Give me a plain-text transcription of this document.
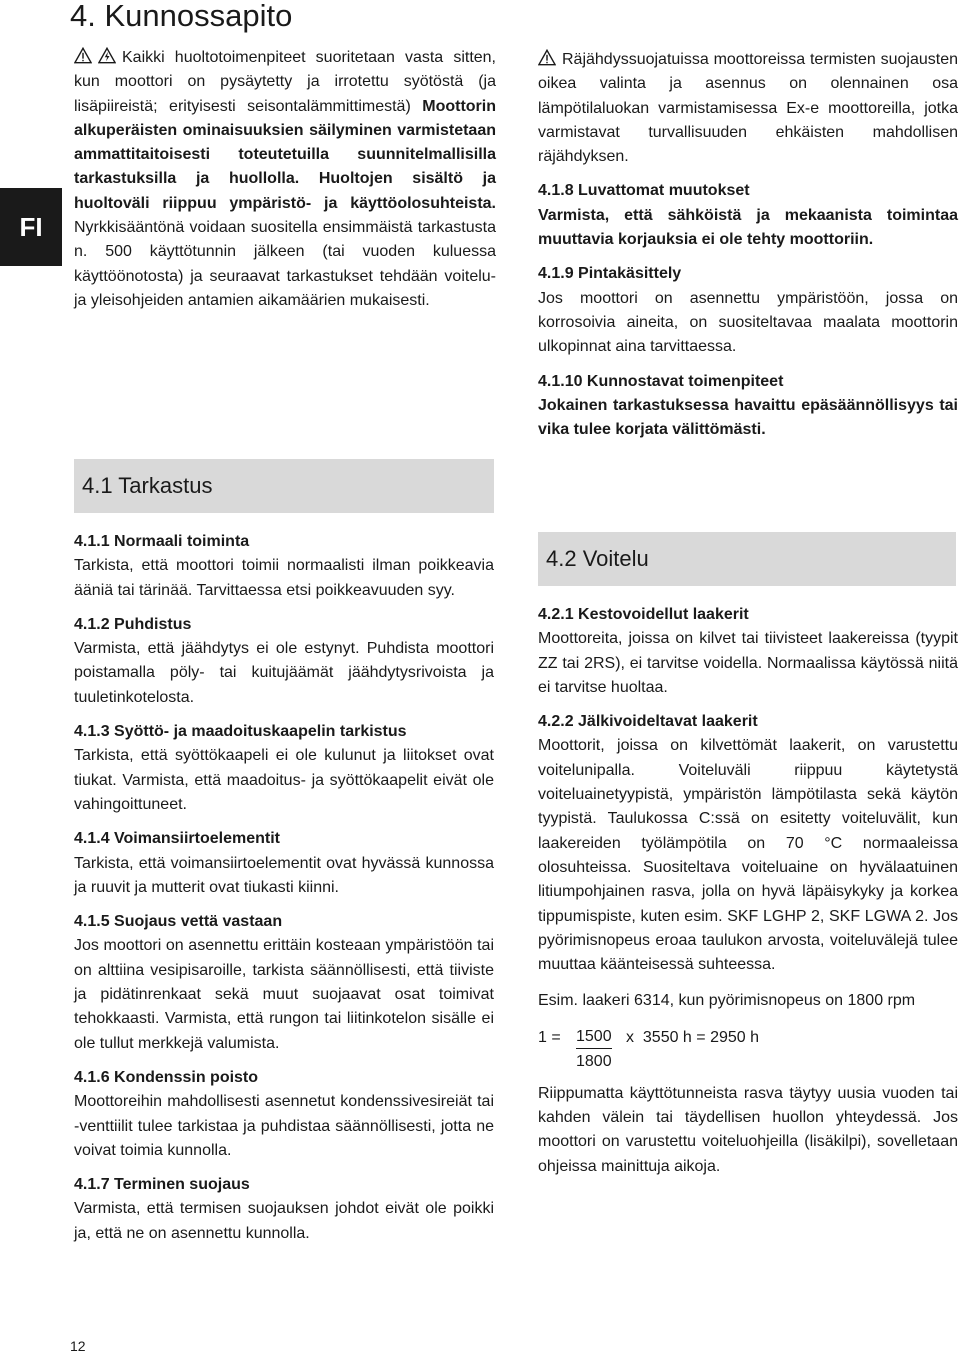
FI
4. Kunnossapito

Kaikki huoltotoimenpiteet suoritetaan vasta sitten, kun moottori on pysäytetty ja irrotettu syötöstä (ja lisäpiireistä; erityisesti seisontalämmittimestä) Moottorin alkuperäisten ominaisuuksien säilyminen varmistetaan ammattitaitoisesti toteutetuilla suunnitelmallisilla tarkastuksilla ja huollolla. Huoltojen sisältö ja huoltoväli riippuu ympäristö- ja käyttöolosuhteista. Nyrkkisääntönä voidaan suositella ensimmäistä tarkastusta n. 500 käyttötunnin jälkeen (tai vuoden kuluessa käyttöönotosta) ja seuraavat tarkastukset tehdään voitelu- ja yleisohjeiden antamien aikamäärien mukaisesti.

Räjähdyssuojatuissa moottoreissa termisten suojausten oikea valinta ja asennus on olennainen osa lämpötilaluokan varmistamisessa Ex-e moottoreilla, jotka varmistavat turvallisuuden ehkäisten mahdollisen räjähdyksen.

4.1.8 Luvattomat muutokset

Varmista, että sähköistä ja mekaanista toimintaa muuttavia korjauksia ei ole tehty moottoriin.

4.1.9 Pintakäsittely

Jos moottori on asennettu ympäristöön, jossa on korrosoivia aineita, on suositeltavaa maalata moottorin ulkopinnat aina tarvittaessa.

4.1.10 Kunnostavat toimenpiteet

Jokainen tarkastuksessa havaittu epäsäännöllisyys tai vika tulee korjata välittömästi.

4.1 Tarkastus

4.1.1 Normaali toiminta

Tarkista, että moottori toimii normaalisti ilman poikkeavia ääniä tai tärinää. Tarvittaessa etsi poikkeavuuden syy.

4.1.2 Puhdistus

Varmista, että jäähdytys ei ole estynyt. Puhdista moottori poistamalla pöly- tai kuitujäämät jäähdytysrivoista ja tuuletinkotelosta.

4.1.3 Syöttö- ja maadoituskaapelin tarkistus

Tarkista, että syöttökaapeli ei ole kulunut ja liitokset ovat tiukat. Varmista, että maadoitus- ja syöttökaapelit eivät ole vahingoittuneet.

4.1.4 Voimansiirtoelementit

Tarkista, että voimansiirtoelementit ovat hyvässä kunnossa ja ruuvit ja mutterit ovat tiukasti kiinni.

4.1.5 Suojaus vettä vastaan

Jos moottori on asennettu erittäin kosteaan ympäristöön tai on alttiina vesipisaroille, tarkista säännöllisesti, että tiiviste ja pidätinrenkaat sekä muut suojaavat osat toimivat tehokkaasti. Varmista, että rungon tai liitinkotelon sisälle ei ole tullut merkkejä valumista.

4.1.6 Kondenssin poisto

Moottoreihin mahdollisesti asennetut kondenssivesireiät tai -venttiilit tulee tarkistaa ja puhdistaa säännöllisesti, jotta ne voivat toimia kunnolla.

4.1.7 Terminen suojaus

Varmista, että termisen suojauksen johdot eivät ole poikki ja, että ne on asennettu kunnolla.

4.2 Voitelu

4.2.1 Kestovoidellut laakerit

Moottoreita, joissa on kilvet tai tiivisteet laakereissa (tyypit ZZ tai 2RS), ei tarvitse voidella. Normaalissa käytössä niitä ei tarvitse huoltaa.

4.2.2 Jälkivoideltavat laakerit

Moottorit, joissa on kilvettömät laakerit, on varustettu voitelunipalla. Voiteluväli riippuu käytetystä voiteluainetyypistä, ympäristön lämpötilasta sekä käytön tyypistä. Taulukossa C:ssä on esitetty voiteluvälit, kun laakereiden työlämpötila on 70 °C normaaleissa olosuhteissa. Suositeltava voiteluaine on hyvälaatuinen litiumpohjainen rasva, jolla on hyvä läpäisykyky ja korkea tippumispiste, kuten esim. SKF LGHP 2, SKF LGWA 2. Jos pyörimisnopeus eroaa taulukon arvosta, voiteluvälejä tulee muuttaa käänteisessä suhteessa.

Esim. laakeri 6314, kun pyörimisnopeus on 1800 rpm

1 = 1500 x  3550 h = 2950 h
1800

Riippumatta käyttötunneista rasva täytyy uusia vuoden tai kahden välein tai täydellisen huollon yhteydessä. Jos moottori on varustettu voiteluohjeilla (lisäkilpi), sovelletaan ohjeissa mainittuja aikoja.

12
